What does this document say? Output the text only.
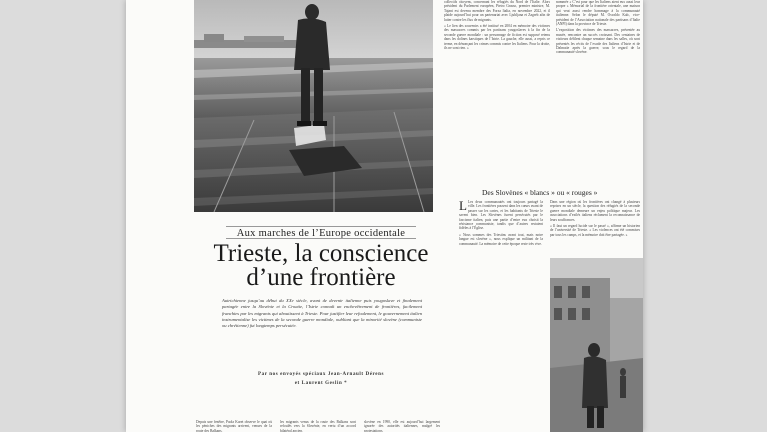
collectifs citoyens, concernant les réfugiés du Nord de l’Italie. Alors président du Parlement européen, Pietro Grasso, premier ministre, M. Tajani est devenu membre des Forza Italia, en novembre 2022, et il plaide aujourd’hui pour un partenariat avec Ljubljana et Zagreb afin de lutter contre les flux de migrants.

« Le lien des souvenirs a été institué en 2004 en mémoire des victimes des massacres commis par les partisans yougoslaves à la fin de la seconde guerre mondiale : un personnage de fiction est supposé retenu dans les dolines karstiques de l’Istrie. La gauche, elle aussi, a repris ce terme, en dénonçant les crimes commis contre les Italiens. Pour la droite, ils ne sont rien. »

nommée « C’est pour que les Italiens aient eux aussi leur propre » Mémorial de la frontière orientale, une maison qui veut aussi rendre hommage à la communauté italienne. Selon le député M. Osvaldo Kalc, vice-président de l’Association nationale des partisans d’Italie (ANPI) dans la province de Trieste.

L’exposition des victimes des massacres, présentée au musée, rencontre un succès croissant. Des centaines de visiteurs défilent chaque semaine dans les salles, où sont présentés les récits de l’exode des Italiens d’Istrie et de Dalmatie après la guerre, sous le regard de la communauté slovène.

Des Slovènes « blancs » ou « rouges »

L Les deux communautés ont toujours partagé la ville. Les frontières passent dans les cœurs avant de passer sur les cartes, et les habitants de Trieste le savent bien. Les Slovènes furent persécutés par le fascisme italien, puis une partie d’entre eux choisit la résistance communiste, tandis que d’autres restaient fidèles à l’Église.

« Nous sommes des Triestins avant tout, mais notre langue est slovène », nous explique un militant de la communauté. La mémoire de cette époque reste très vive.

Dans une région où les frontières ont changé à plusieurs reprises en un siècle, la question des réfugiés de la seconde guerre mondiale demeure un enjeu politique majeur. Les associations d’exilés italiens réclament la reconnaissance de leurs souffrances.

« Il faut un regard lucide sur le passé », affirme un historien de l’université de Trieste. « Les violences ont été commises par tous les camps, et la mémoire doit être partagée. »

Aux marches de l’Europe occidentale
Trieste, la conscience
d’une frontière
Autrichienne jusqu’au début du XXe siècle, avant de devenir italienne puis yougoslave et finalement partagée entre la Slovénie et la Croatie, l’Istrie connaît un enchevêtrement de frontières, facilement franchies par les migrants qui aboutissent à Trieste. Pour justifier leur refoulement, le gouvernement italien instrumentalise les victimes de la seconde guerre mondiale, oubliant que la minorité slovène (communiste ou chrétienne) fut longtemps persécutée.
Par nos envoyés spéciaux Jean-Arnault Dérens
et Laurent Geslin *

Depuis une fenêtre, Paola Kuret observe le quai où les péniches des migrants arrivent, venues de la route des Balkans.

les migrants venus de la route des Balkans sont refoulés vers la Slovénie, en vertu d’un accord bilatéral ancien.

slovène en 1990, elle est aujourd’hui largement ignorée des autorités italiennes, malgré les protestations.
